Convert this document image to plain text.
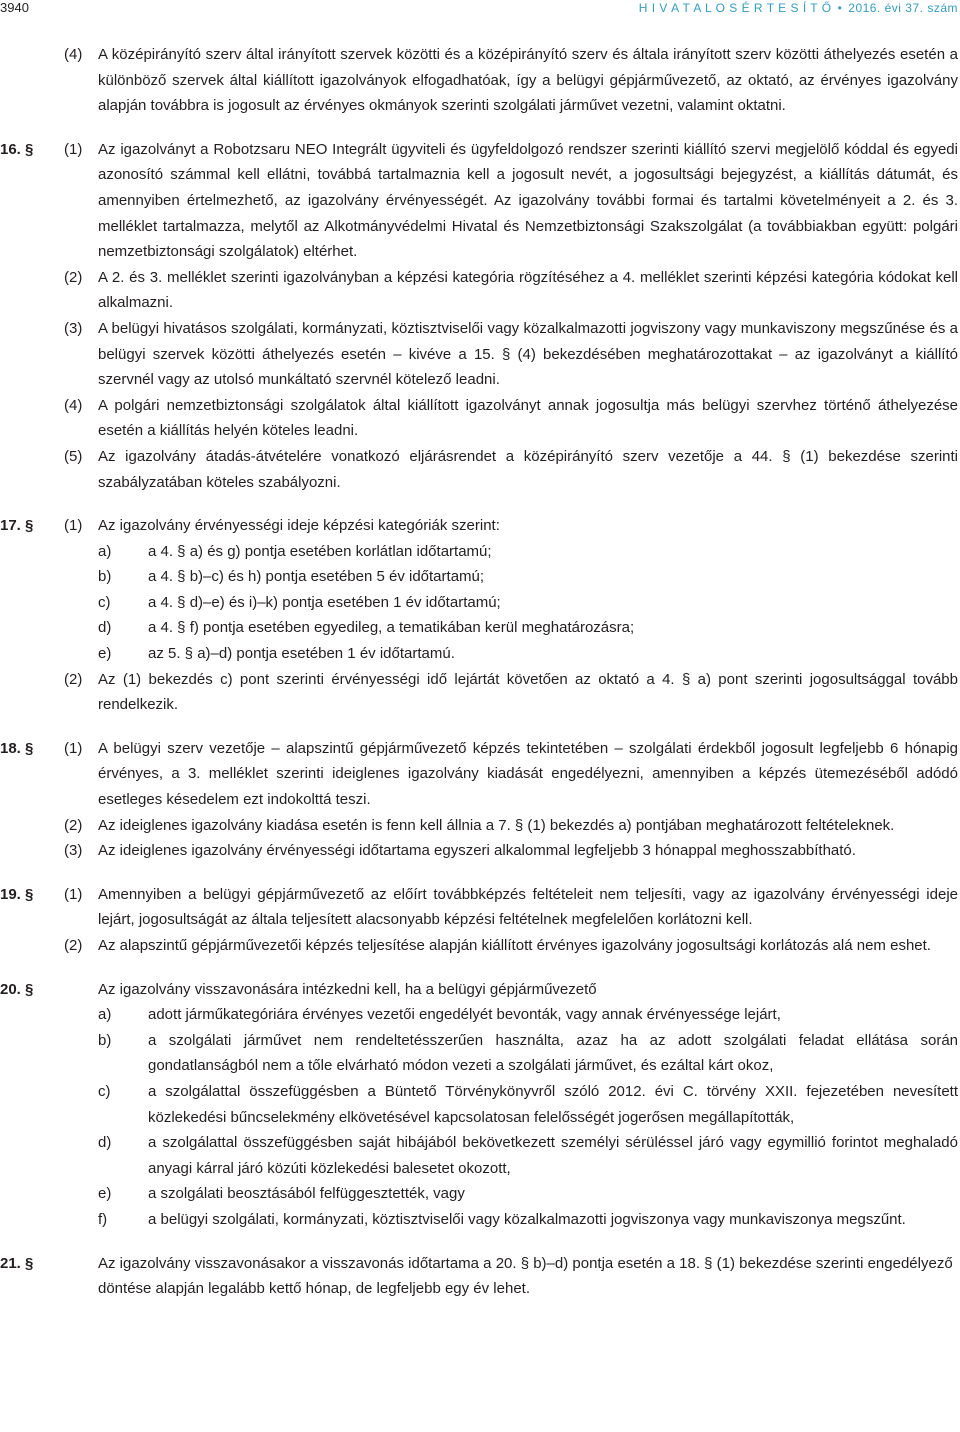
3940	H I V A T A L O S É R T E S Í T Ő • 2016. évi 37. szám
(4)	A középirányító szerv által irányított szervek közötti és a középirányító szerv és általa irányított szerv közötti áthelyezés esetén a különböző szervek által kiállított igazolványok elfogadhatóak, így a belügyi gépjárművezető, az oktató, az érvényes igazolvány alapján továbbra is jogosult az érvényes okmányok szerinti szolgálati járművet vezetni, valamint oktatni.
16. §	(1)	Az igazolványt a Robotzsaru NEO Integrált ügyviteli és ügyfeldolgozó rendszer szerinti kiállító szervi megjelölő kóddal és egyedi azonosító számmal kell ellátni, továbbá tartalmaznia kell a jogosult nevét, a jogosultsági bejegyzést, a kiállítás dátumát, és amennyiben értelmezhető, az igazolvány érvényességét. Az igazolvány további formai és tartalmi követelményeit a 2. és 3. melléklet tartalmazza, melytől az Alkotmányvédelmi Hivatal és Nemzetbiztonsági Szakszolgálat (a továbbiakban együtt: polgári nemzetbiztonsági szolgálatok) eltérhet.
(2)	A 2. és 3. melléklet szerinti igazolványban a képzési kategória rögzítéséhez a 4. melléklet szerinti képzési kategória kódokat kell alkalmazni.
(3)	A belügyi hivatásos szolgálati, kormányzati, köztisztviselői vagy közalkalmazotti jogviszony vagy munkaviszony megszűnése és a belügyi szervek közötti áthelyezés esetén – kivéve a 15. § (4) bekezdésében meghatározottakat – az igazolványt a kiállító szervnél vagy az utolsó munkáltató szervnél kötelező leadni.
(4)	A polgári nemzetbiztonsági szolgálatok által kiállított igazolványt annak jogosultja más belügyi szervhez történő áthelyezése esetén a kiállítás helyén köteles leadni.
(5)	Az igazolvány átadás-átvételére vonatkozó eljárásrendet a középirányító szerv vezetője a 44. § (1) bekezdése szerinti szabályzatában köteles szabályozni.
17. §	(1)	Az igazolvány érvényességi ideje képzési kategóriák szerint:
a)	a 4. § a) és g) pontja esetében korlátlan időtartamú;
b)	a 4. § b)–c) és h) pontja esetében 5 év időtartamú;
c)	a 4. § d)–e) és i)–k) pontja esetében 1 év időtartamú;
d)	a 4. § f) pontja esetében egyedileg, a tematikában kerül meghatározásra;
e)	az 5. § a)–d) pontja esetében 1 év időtartamú.
(2)	Az (1) bekezdés c) pont szerinti érvényességi idő lejártát követően az oktató a 4. § a) pont szerinti jogosultsággal tovább rendelkezik.
18. §	(1)	A belügyi szerv vezetője – alapszintű gépjárművezető képzés tekintetében – szolgálati érdekből jogosult legfeljebb 6 hónapig érvényes, a 3. melléklet szerinti ideiglenes igazolvány kiadását engedélyezni, amennyiben a képzés ütemezéséből adódó esetleges késedelem ezt indokolttá teszi.
(2)	Az ideiglenes igazolvány kiadása esetén is fenn kell állnia a 7. § (1) bekezdés a) pontjában meghatározott feltételeknek.
(3)	Az ideiglenes igazolvány érvényességi időtartama egyszeri alkalommal legfeljebb 3 hónappal meghosszabbítható.
19. §	(1)	Amennyiben a belügyi gépjárművezető az előírt továbbképzés feltételeit nem teljesíti, vagy az igazolvány érvényességi ideje lejárt, jogosultságát az általa teljesített alacsonyabb képzési feltételnek megfelelően korlátozni kell.
(2)	Az alapszintű gépjárművezetői képzés teljesítése alapján kiállított érvényes igazolvány jogosultsági korlátozás alá nem eshet.
20. §	Az igazolvány visszavonására intézkedni kell, ha a belügyi gépjárművezető
a)	adott járműkategóriára érvényes vezetői engedélyét bevonták, vagy annak érvényessége lejárt,
b)	a szolgálati járművet nem rendeltetésszerűen használta, azaz ha az adott szolgálati feladat ellátása során gondatlanságból nem a tőle elvárható módon vezeti a szolgálati járművet, és ezáltal kárt okoz,
c)	a szolgálattal összefüggésben a Büntető Törvénykönyvről szóló 2012. évi C. törvény XXII. fejezetében nevesített közlekedési bűncselekmény elkövetésével kapcsolatosan felelősségét jogerősen megállapították,
d)	a szolgálattal összefüggésben saját hibájából bekövetkezett személyi sérüléssel járó vagy egymillió forintot meghaladó anyagi kárral járó közúti közlekedési balesetet okozott,
e)	a szolgálati beosztásából felfüggesztették, vagy
f)	a belügyi szolgálati, kormányzati, köztisztviselői vagy közalkalmazotti jogviszonya vagy munkaviszonya megszűnt.
21. §	Az igazolvány visszavonásakor a visszavonás időtartama a 20. § b)–d) pontja esetén a 18. § (1) bekezdése szerinti engedélyező döntése alapján legalább kettő hónap, de legfeljebb egy év lehet.
